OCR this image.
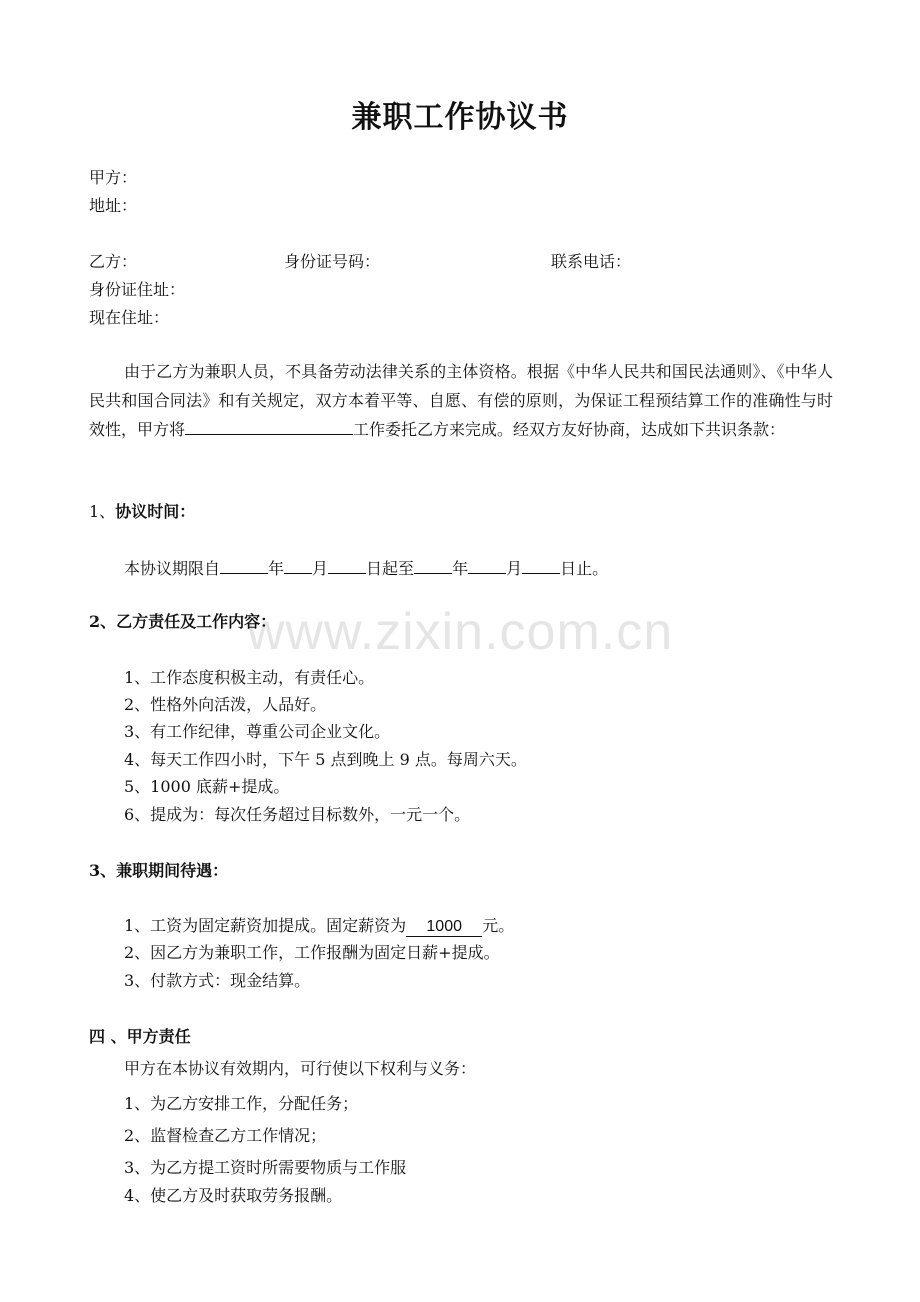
兼职工作协议书
甲方：
地址：
乙方：	身份证号码：	联系电话：
身份证住址：
现在住址：
由于乙方为兼职人员，不具备劳动法律关系的主体资格。根据《中华人民共和国民法通则》、《中华人民共和国合同法》和有关规定，双方本着平等、自愿、有偿的原则，为保证工程预结算工作的准确性与时效性，甲方将	工作委托乙方来完成。经双方友好协商，达成如下共识条款：
1、协议时间：
本协议期限自	年 月 日起至 年 月 日止。
www.zixin.com.cn
2、乙方责任及工作内容：
1、工作态度积极主动，有责任心。
2、性格外向活泼，人品好。
3、有工作纪律，尊重公司企业文化。
4、每天工作四小时，下午 5 点到晚上 9 点。每周六天。
5、1000 底薪+提成。
6、提成为：每次任务超过目标数外，一元一个。
3、兼职期间待遇：
1、工资为固定薪资加提成。固定薪资为 1000 元。
2、因乙方为兼职工作，工作报酬为固定日薪+提成。
3、付款方式：现金结算。
四 、甲方责任
甲方在本协议有效期内，可行使以下权利与义务：
1、为乙方安排工作，分配任务；
2、监督检查乙方工作情况；
3、为乙方提工资时所需要物质与工作服
4、使乙方及时获取劳务报酬。
